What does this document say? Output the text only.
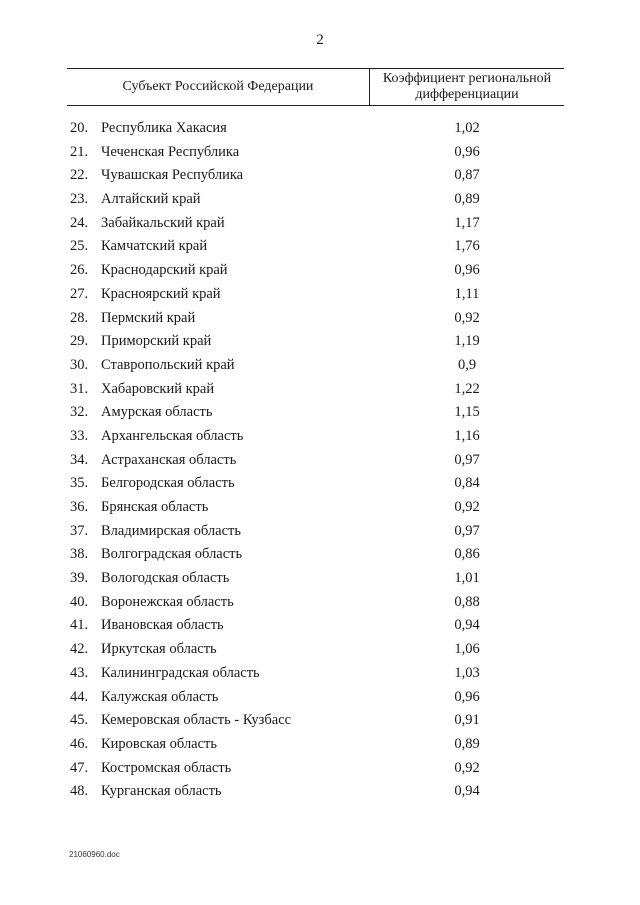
2
Субъект Российской Федерации
Коэффициент региональной
дифференциации
20. Республика Хакасия	1,02
21. Чеченская Республика	0,96
22. Чувашская Республика	0,87
23. Алтайский край	0,89
24. Забайкальский край	1,17
25. Камчатский край	1,76
26. Краснодарский край	0,96
27. Красноярский край	1,11
28. Пермский край	0,92
29. Приморский край	1,19
30. Ставропольский край	0,9
31. Хабаровский край	1,22
32. Амурская область	1,15
33. Архангельская область	1,16
34. Астраханская область	0,97
35. Белгородская область	0,84
36. Брянская область	0,92
37. Владимирская область	0,97
38. Волгоградская область	0,86
39. Вологодская область	1,01
40. Воронежская область	0,88
41. Ивановская область	0,94
42. Иркутская область	1,06
43. Калининградская область	1,03
44. Калужская область	0,96
45. Кемеровская область - Кузбасс	0,91
46. Кировская область	0,89
47. Костромская область	0,92
48. Курганская область	0,94
21060960.doc
